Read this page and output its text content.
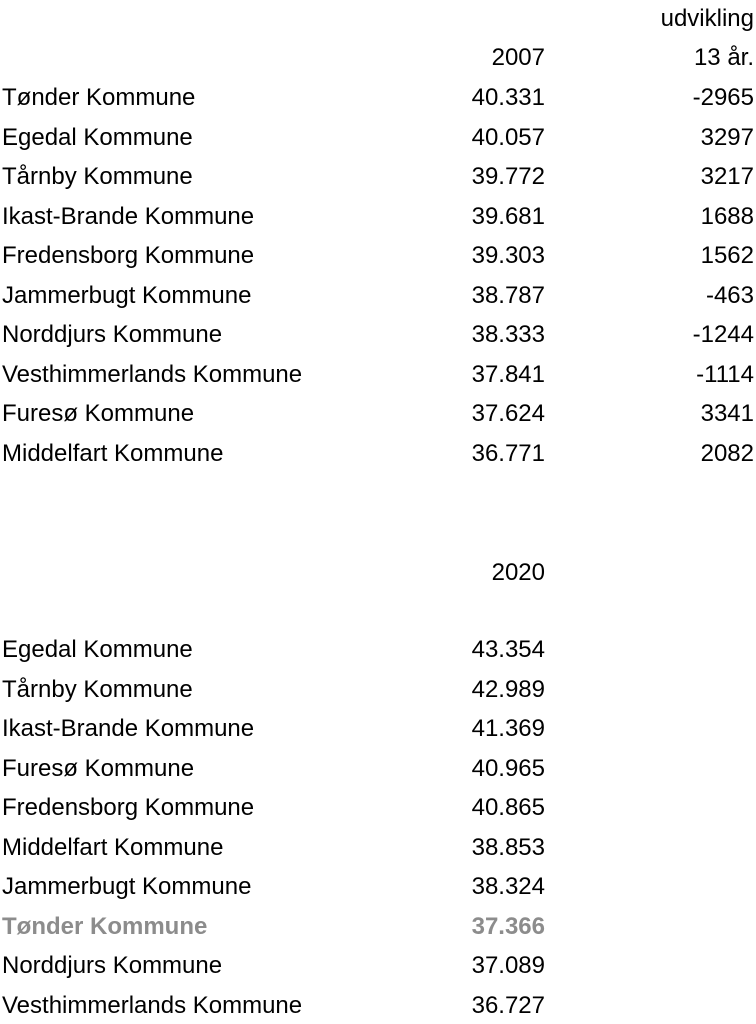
udvikling
2007	13 år.
Tønder Kommune	40.331	-2965
Egedal Kommune	40.057	3297
Tårnby Kommune	39.772	3217
Ikast-Brande Kommune	39.681	1688
Fredensborg Kommune	39.303	1562
Jammerbugt Kommune	38.787	-463
Norddjurs Kommune	38.333	-1244
Vesthimmerlands Kommune	37.841	-1114
Furesø Kommune	37.624	3341
Middelfart Kommune	36.771	2082
2020
Egedal Kommune	43.354
Tårnby Kommune	42.989
Ikast-Brande Kommune	41.369
Furesø Kommune	40.965
Fredensborg Kommune	40.865
Middelfart Kommune	38.853
Jammerbugt Kommune	38.324
Tønder Kommune	37.366
Norddjurs Kommune	37.089
Vesthimmerlands Kommune	36.727
